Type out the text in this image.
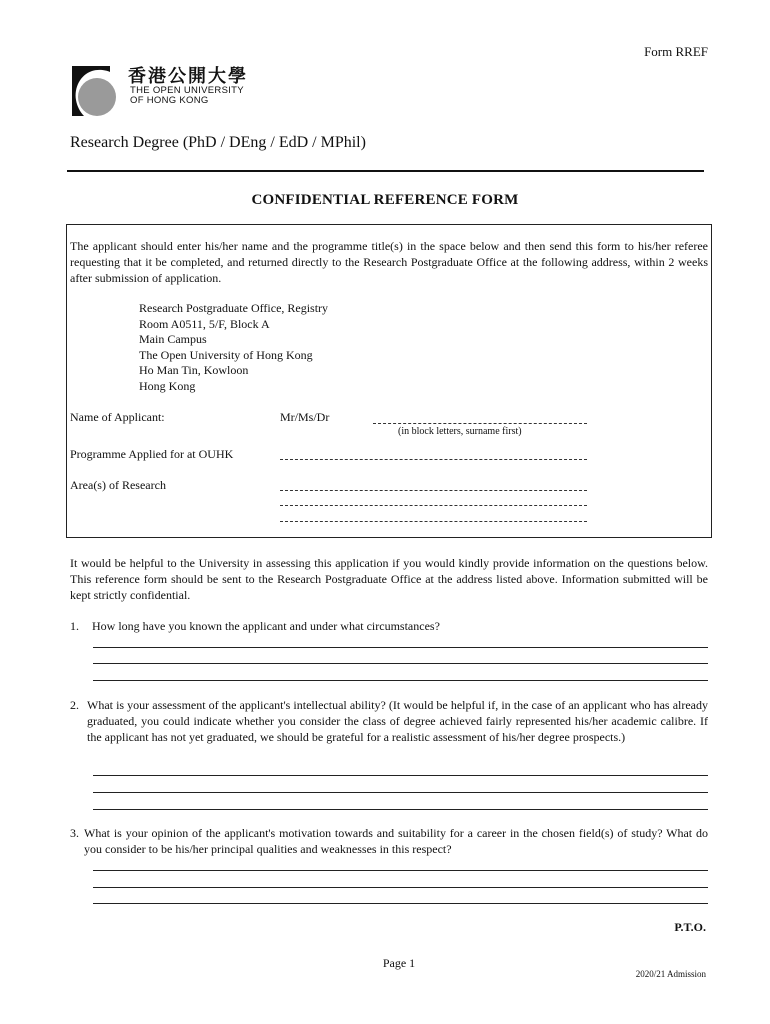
Form RREF
香港公開大學
THE OPEN UNIVERSITY
OF HONG KONG
Research Degree (PhD / DEng / EdD / MPhil)
CONFIDENTIAL REFERENCE FORM
The applicant should enter his/her name and the programme title(s) in the space below and then send this form to his/her referee requesting that it be completed, and returned directly to the Research Postgraduate Office at the following address, within 2 weeks after submission of application.
Research Postgraduate Office, Registry
Room A0511, 5/F, Block A
Main Campus
The Open University of Hong Kong
Ho Man Tin, Kowloon
Hong Kong
Name of Applicant:	Mr/Ms/Dr
(in block letters, surname first)
Programme Applied for at OUHK
Area(s) of Research
It would be helpful to the University in assessing this application if you would kindly provide information on the questions below. This reference form should be sent to the Research Postgraduate Office at the address listed above. Information submitted will be kept strictly confidential.
1. How long have you known the applicant and under what circumstances?
2. What is your assessment of the applicant's intellectual ability? (It would be helpful if, in the case of an applicant who has already graduated, you could indicate whether you consider the class of degree achieved fairly represented his/her academic calibre. If the applicant has not yet graduated, we should be grateful for a realistic assessment of his/her degree prospects.)
3. What is your opinion of the applicant's motivation towards and suitability for a career in the chosen field(s) of study? What do you consider to be his/her principal qualities and weaknesses in this respect?
P.T.O.
Page 1
2020/21 Admission
